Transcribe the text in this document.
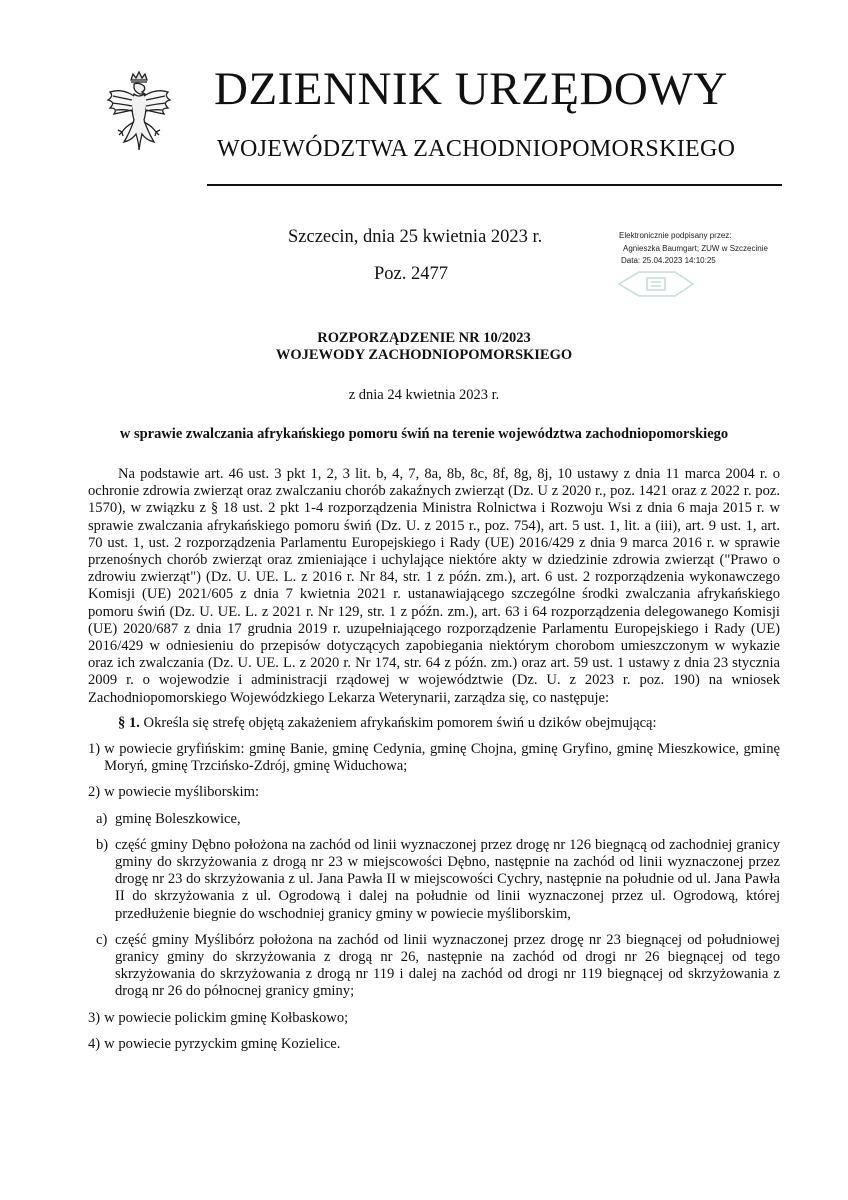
DZIENNIK URZĘDOWY
WOJEWÓDZTWA ZACHODNIOPOMORSKIEGO
Szczecin, dnia 25 kwietnia 2023 r.
Poz. 2477
Elektronicznie podpisany przez:
Agnieszka Baumgart; ZUW w Szczecinie
Data: 25.04.2023 14:10:25
ROZPORZĄDZENIE NR 10/2023
WOJEWODY ZACHODNIOPOMORSKIEGO
z dnia 24 kwietnia 2023 r.
w sprawie zwalczania afrykańskiego pomoru świń na terenie województwa zachodniopomorskiego

Na podstawie art. 46 ust. 3 pkt 1, 2, 3 lit. b, 4, 7, 8a, 8b, 8c, 8f, 8g, 8j, 10 ustawy z dnia 11 marca 2004 r. o ochronie zdrowia zwierząt oraz zwalczaniu chorób zakaźnych zwierząt (Dz. U z 2020 r., poz. 1421 oraz z 2022 r. poz. 1570), w związku z § 18 ust. 2 pkt 1-4 rozporządzenia Ministra Rolnictwa i Rozwoju Wsi z dnia 6 maja 2015 r. w sprawie zwalczania afrykańskiego pomoru świń (Dz. U. z 2015 r., poz. 754), art. 5 ust. 1, lit. a (iii), art. 9 ust. 1, art. 70 ust. 1, ust. 2 rozporządzenia Parlamentu Europejskiego i Rady (UE) 2016/429 z dnia 9 marca 2016 r. w sprawie przenośnych chorób zwierząt oraz zmieniające i uchylające niektóre akty w dziedzinie zdrowia zwierząt ("Prawo o zdrowiu zwierząt") (Dz. U. UE. L. z 2016 r. Nr 84, str. 1 z późn. zm.), art. 6 ust. 2 rozporządzenia wykonawczego Komisji (UE) 2021/605 z dnia 7 kwietnia 2021 r. ustanawiającego szczególne środki zwalczania afrykańskiego pomoru świń (Dz. U. UE. L. z 2021 r. Nr 129, str. 1 z późn. zm.), art. 63 i 64 rozporządzenia delegowanego Komisji (UE) 2020/687 z dnia 17 grudnia 2019 r. uzupełniającego rozporządzenie Parlamentu Europejskiego i Rady (UE) 2016/429 w odniesieniu do przepisów dotyczących zapobiegania niektórym chorobom umieszczonym w wykazie oraz ich zwalczania (Dz. U. UE. L. z 2020 r. Nr 174, str. 64 z późn. zm.) oraz art. 59 ust. 1 ustawy z dnia 23 stycznia 2009 r. o wojewodzie i administracji rządowej w województwie (Dz. U. z 2023 r. poz. 190) na wniosek Zachodniopomorskiego Wojewódzkiego Lekarza Weterynarii, zarządza się, co następuje:

§ 1. Określa się strefę objętą zakażeniem afrykańskim pomorem świń u dzików obejmującą:
1) w powiecie gryfińskim: gminę Banie, gminę Cedynia, gminę Chojna, gminę Gryfino, gminę Mieszkowice, gminę Moryń, gminę Trzcińsko-Zdrój, gminę Widuchowa;
2) w powiecie myśliborskim:
a) gminę Boleszkowice,
b) część gminy Dębno położona na zachód od linii wyznaczonej przez drogę nr 126 biegnącą od zachodniej granicy gminy do skrzyżowania z drogą nr 23 w miejscowości Dębno, następnie na zachód od linii wyznaczonej przez drogę nr 23 do skrzyżowania z ul. Jana Pawła II w miejscowości Cychry, następnie na południe od ul. Jana Pawła II do skrzyżowania z ul. Ogrodową i dalej na południe od linii wyznaczonej przez ul. Ogrodową, której przedłużenie biegnie do wschodniej granicy gminy w powiecie myśliborskim,
c) część gminy Myślibórz położona na zachód od linii wyznaczonej przez drogę nr 23 biegnącej od południowej granicy gminy do skrzyżowania z drogą nr 26, następnie na zachód od drogi nr 26 biegnącej od tego skrzyżowania do skrzyżowania z drogą nr 119 i dalej na zachód od drogi nr 119 biegnącej od skrzyżowania z drogą nr 26 do północnej granicy gminy;
3) w powiecie polickim gminę Kołbaskowo;
4) w powiecie pyrzyckim gminę Kozielice.
